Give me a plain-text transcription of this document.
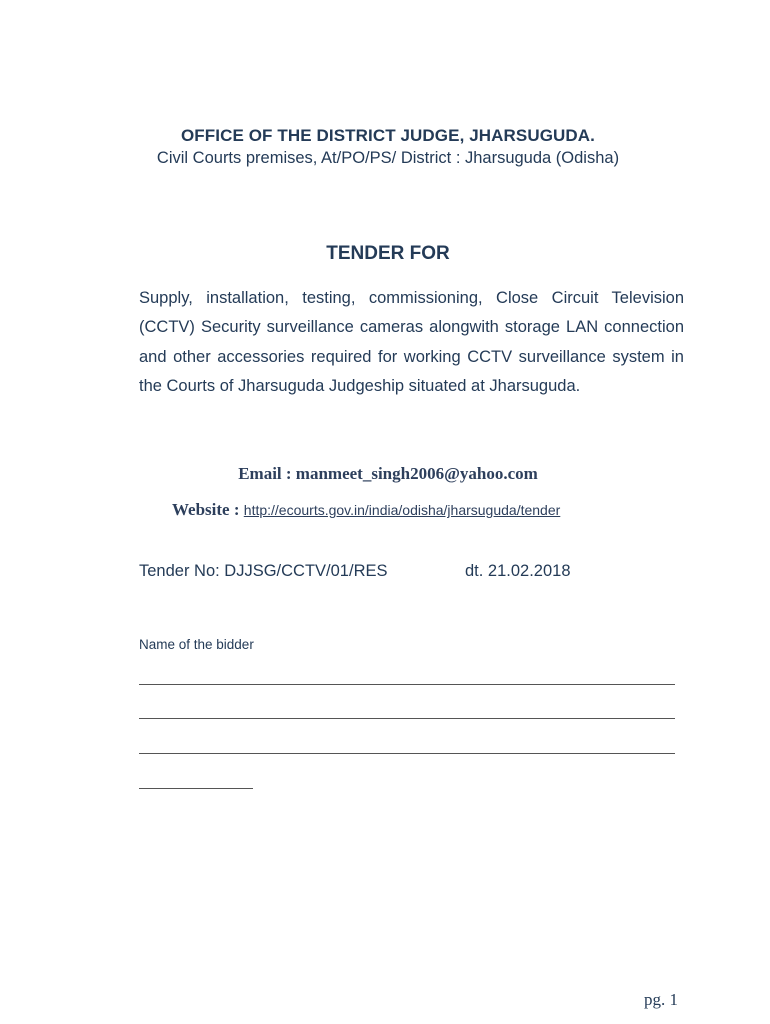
OFFICE OF THE DISTRICT JUDGE, JHARSUGUDA.
Civil Courts premises, At/PO/PS/ District : Jharsuguda (Odisha)
TENDER FOR

Supply, installation, testing, commissioning, Close Circuit Television (CCTV) Security surveillance cameras alongwith storage LAN connection and other accessories required for working CCTV surveillance system in the Courts of Jharsuguda Judgeship situated at Jharsuguda.

Email : manmeet_singh2006@yahoo.com
Website : http://ecourts.gov.in/india/odisha/jharsuguda/tender
Tender No: DJJSG/CCTV/01/RES	dt. 21.02.2018
Name of the bidder
pg. 1
